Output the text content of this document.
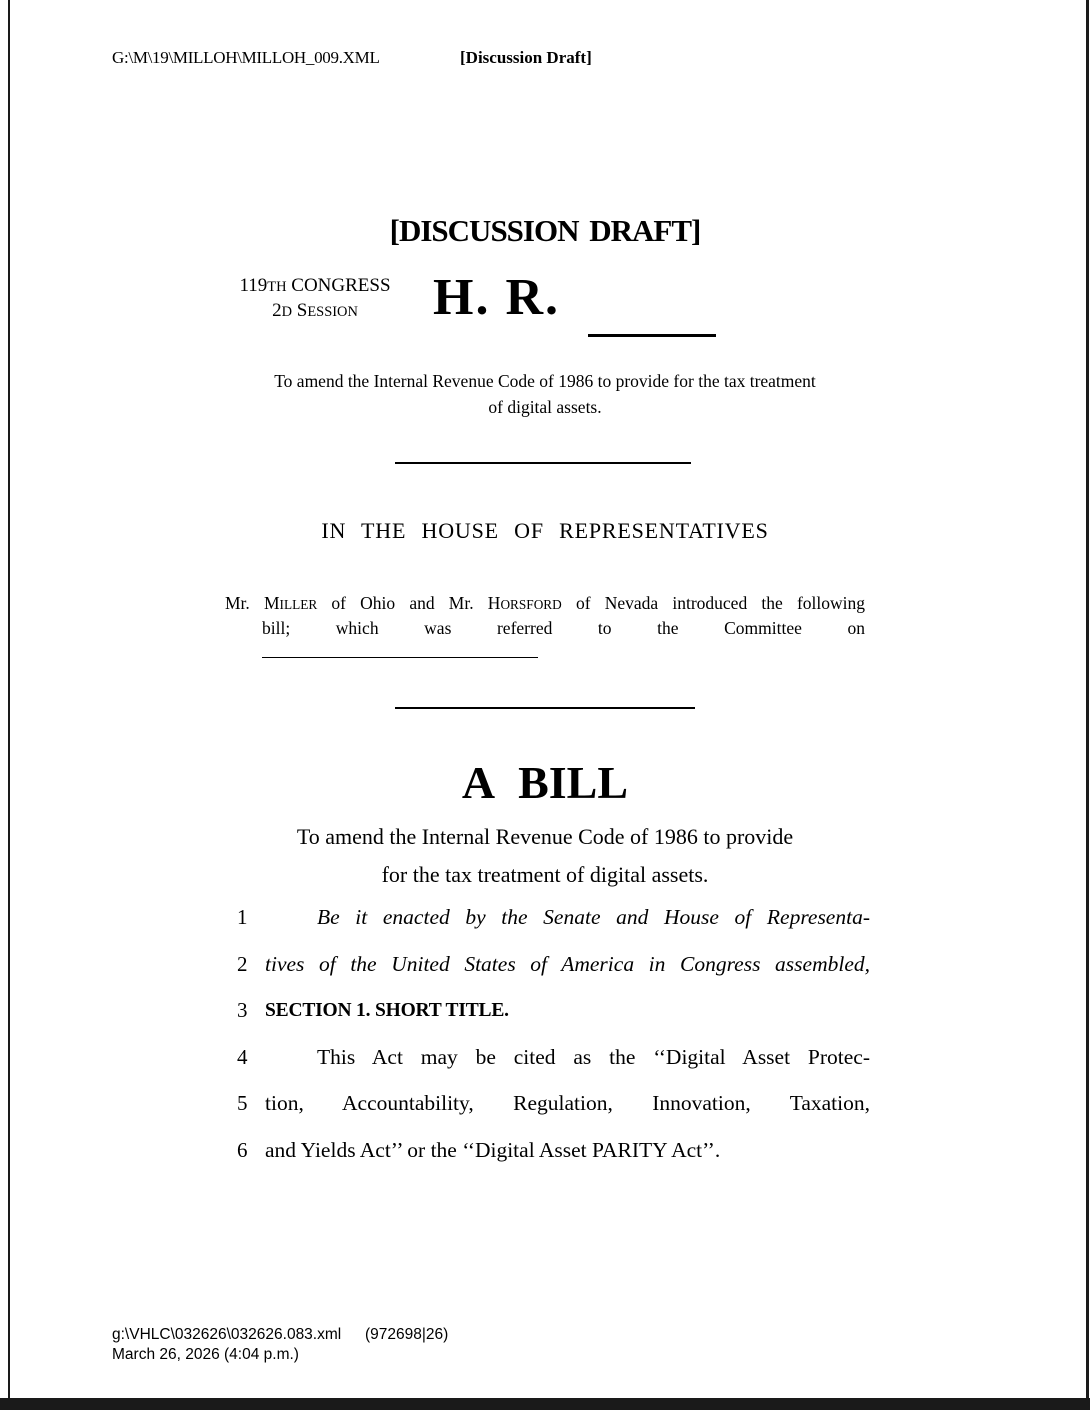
G:\M\19\MILLOH\MILLOH_009.XML	[Discussion Draft]
[DISCUSSION DRAFT]
119TH CONGRESS
2D SESSION	H. R.
To amend the Internal Revenue Code of 1986 to provide for the tax treatment
of digital assets.
IN THE HOUSE OF REPRESENTATIVES
Mr. MILLER of Ohio and Mr. HORSFORD of Nevada introduced the following
bill; which was referred to the Committee on
A BILL
To amend the Internal Revenue Code of 1986 to provide
for the tax treatment of digital assets.
1	Be it enacted by the Senate and House of Representa-
2 tives of the United States of America in Congress assembled,
3 SECTION 1. SHORT TITLE.
4	This Act may be cited as the ‘‘Digital Asset Protec-
5 tion, Accountability, Regulation, Innovation, Taxation,
6 and Yields Act’’ or the ‘‘Digital Asset PARITY Act’’.
g:\VHLC\032626\032626.083.xml (972698|26)
March 26, 2026 (4:04 p.m.)
